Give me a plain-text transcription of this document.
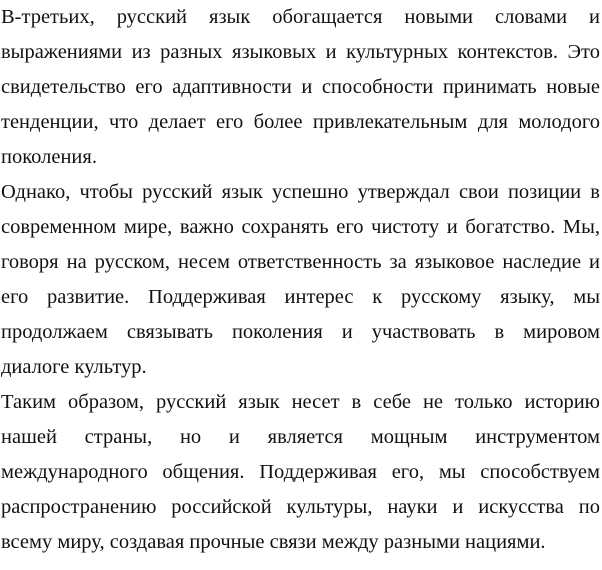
В-третьих, русский язык обогащается новыми словами и
выражениями из разных языковых и культурных контекстов. Это
свидетельство его адаптивности и способности принимать новые
тенденции, что делает его более привлекательным для молодого
поколения.
Однако, чтобы русский язык успешно утверждал свои позиции в
современном мире, важно сохранять его чистоту и богатство. Мы,
говоря на русском, несем ответственность за языковое наследие и
его развитие. Поддерживая интерес к русскому языку, мы
продолжаем связывать поколения и участвовать в мировом
диалоге культур.
Таким образом, русский язык несет в себе не только историю
нашей страны, но и является мощным инструментом
международного общения. Поддерживая его, мы способствуем
распространению российской культуры, науки и искусства по
всему миру, создавая прочные связи между разными нациями.
